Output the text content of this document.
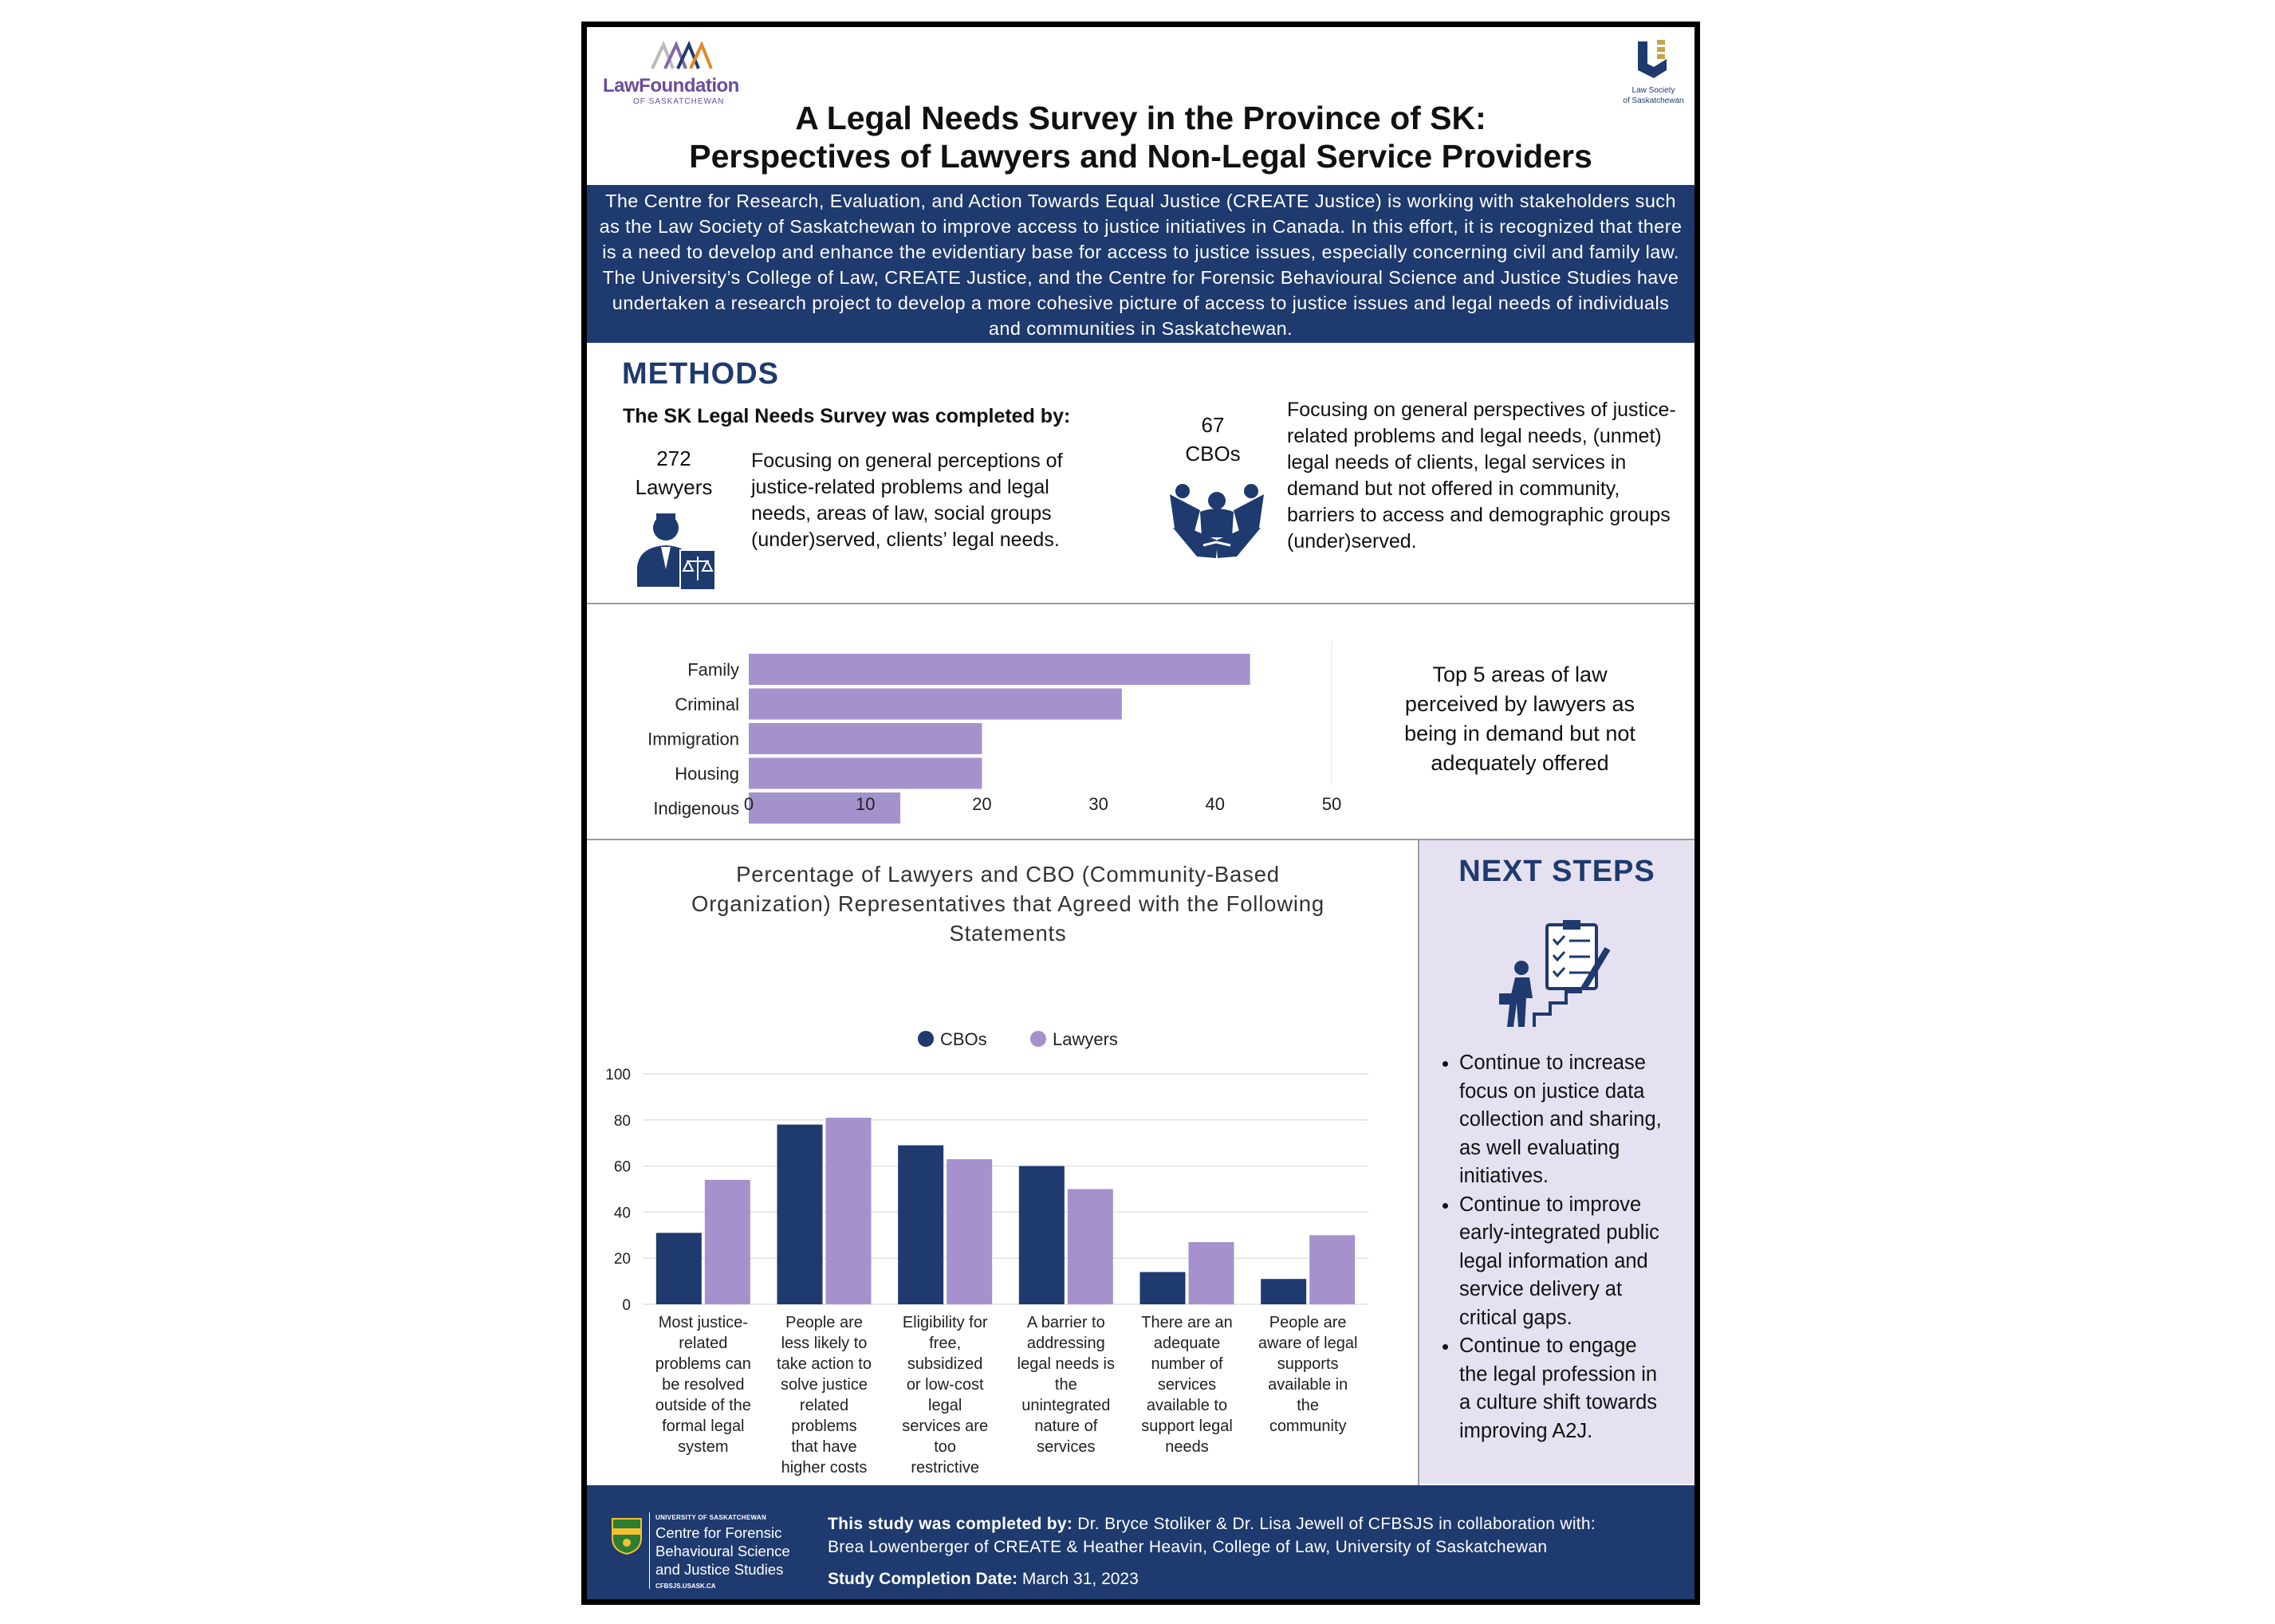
LawFoundation
OF SASKATCHEWAN
Law Society
of Saskatchewan
A Legal Needs Survey in the Province of SK:
Perspectives of Lawyers and Non-Legal Service Providers
The Centre for Research, Evaluation, and Action Towards Equal Justice (CREATE Justice) is working with stakeholders such as the Law Society of Saskatchewan to improve access to justice initiatives in Canada. In this effort, it is recognized that there is a need to develop and enhance the evidentiary base for access to justice issues, especially concerning civil and family law. The University’s College of Law, CREATE Justice, and the Centre for Forensic Behavioural Science and Justice Studies have undertaken a research project to develop a more cohesive picture of access to justice issues and legal needs of individuals and communities in Saskatchewan.
METHODS
The SK Legal Needs Survey was completed by:
272
Lawyers
Focusing on general perceptions of justice-related problems and legal needs, areas of law, social groups (under)served, clients’ legal needs.
67
CBOs
Focusing on general perspectives of justice-related problems and legal needs, (unmet) legal needs of clients, legal services in demand but not offered in community, barriers to access and demographic groups (under)served.
Family
Criminal
Immigration
Housing
Indigenous 0	10	20	30	40	50
Top 5 areas of law perceived by lawyers as being in demand but not adequately offered
Percentage of Lawyers and CBO (Community-Based
Organization) Representatives that Agreed with the Following
Statements
CBOs	Lawyers
0
20
40
60
80
100
Most justice-
related
problems can
be resolved
outside of the
formal legal
system
People are
less likely to
take action to
solve justice
related
problems
that have
higher costs
Eligibility for
free,
subsidized
or low-cost
legal
services are
too
restrictive
A barrier to
addressing
legal needs is
the
unintegrated
nature of
services
There are an
adequate
number of
services
available to
support legal
needs
People are
aware of legal
supports
available in
the
community
NEXT STEPS
• Continue to increase
focus on justice data
collection and sharing,
as well evaluating
initiatives.
• Continue to improve
early-integrated public
legal information and
service delivery at
critical gaps.
• Continue to engage
the legal profession in
a culture shift towards
improving A2J.
UNIVERSITY OF SASKATCHEWAN
Centre for Forensic
Behavioural Science
and Justice Studies
CFBSJS.USASK.CA
This study was completed by: Dr. Bryce Stoliker & Dr. Lisa Jewell of CFBSJS in collaboration with:
Brea Lowenberger of CREATE & Heather Heavin, College of Law, University of Saskatchewan
Study Completion Date: March 31, 2023
